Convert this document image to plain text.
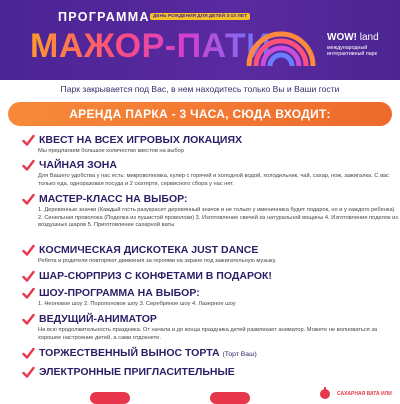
ПРОГРАММА ДЕНЬ РОЖДЕНИЯ ДЛЯ ДЕТЕЙ 3-10 ЛЕТ
МАЖОР-ПАТИ	WOW! land
международный интерактивный парк
Парк закрывается под Вас, в нем находитесь только Вы и Ваши гости
АРЕНДА ПАРКА - 3 ЧАСА, СЮДА ВХОДИТ:
КВЕСТ НА ВСЕХ ИГРОВЫХ ЛОКАЦИЯХ
Мы предлагаем большое количество квестов на выбор
ЧАЙНАЯ ЗОНА
Для Вашего удобства у нас есть: микроволновка, кулер с горячей и холодной водой, холодильник, чай, сахар, нож, зажигалка. С вас только еда, одноразовая посуда и 2 скатерти, сервисного сбора у нас нет.
МАСТЕР-КЛАСС НА ВЫБОР:
1. Деревянные значки (Каждый гость разукрасит деревянный значок и не только у именинника будет подарок, но и у каждого ребенка) 2. Синельная проволока (Поделка из пушистой проволоки) 3. Изготовление свечей из натуральной вощины 4. Изготовление поделок из воздушных шаров 5. Приготовление сахарной ваты
КОСМИЧЕСКАЯ ДИСКОТЕКА JUST DANCE
Ребята и родители повторяют движения за героями на экране под зажигательную музыку.
ШАР-СЮРПРИЗ С КОНФЕТАМИ В ПОДАРОК!
ШОУ-ПРОГРАММА НА ВЫБОР:
1. Неоновое шоу 2. Поролоновое шоу 3. Серебряное шоу 4. Лазерное шоу
ВЕДУЩИЙ-АНИМАТОР
На всю продолжительность праздника. От начала и до конца праздника детей развлекает аниматор. Можете не волноваться за хорошее настроение детей, а сами отдохнете.
ТОРЖЕСТВЕННЫЙ ВЫНОС ТОРТА (Торт Ваш)
ЭЛЕКТРОННЫЕ ПРИГЛАСИТЕЛЬНЫЕ
САХАРНАЯ ВАТА ИЛИ
